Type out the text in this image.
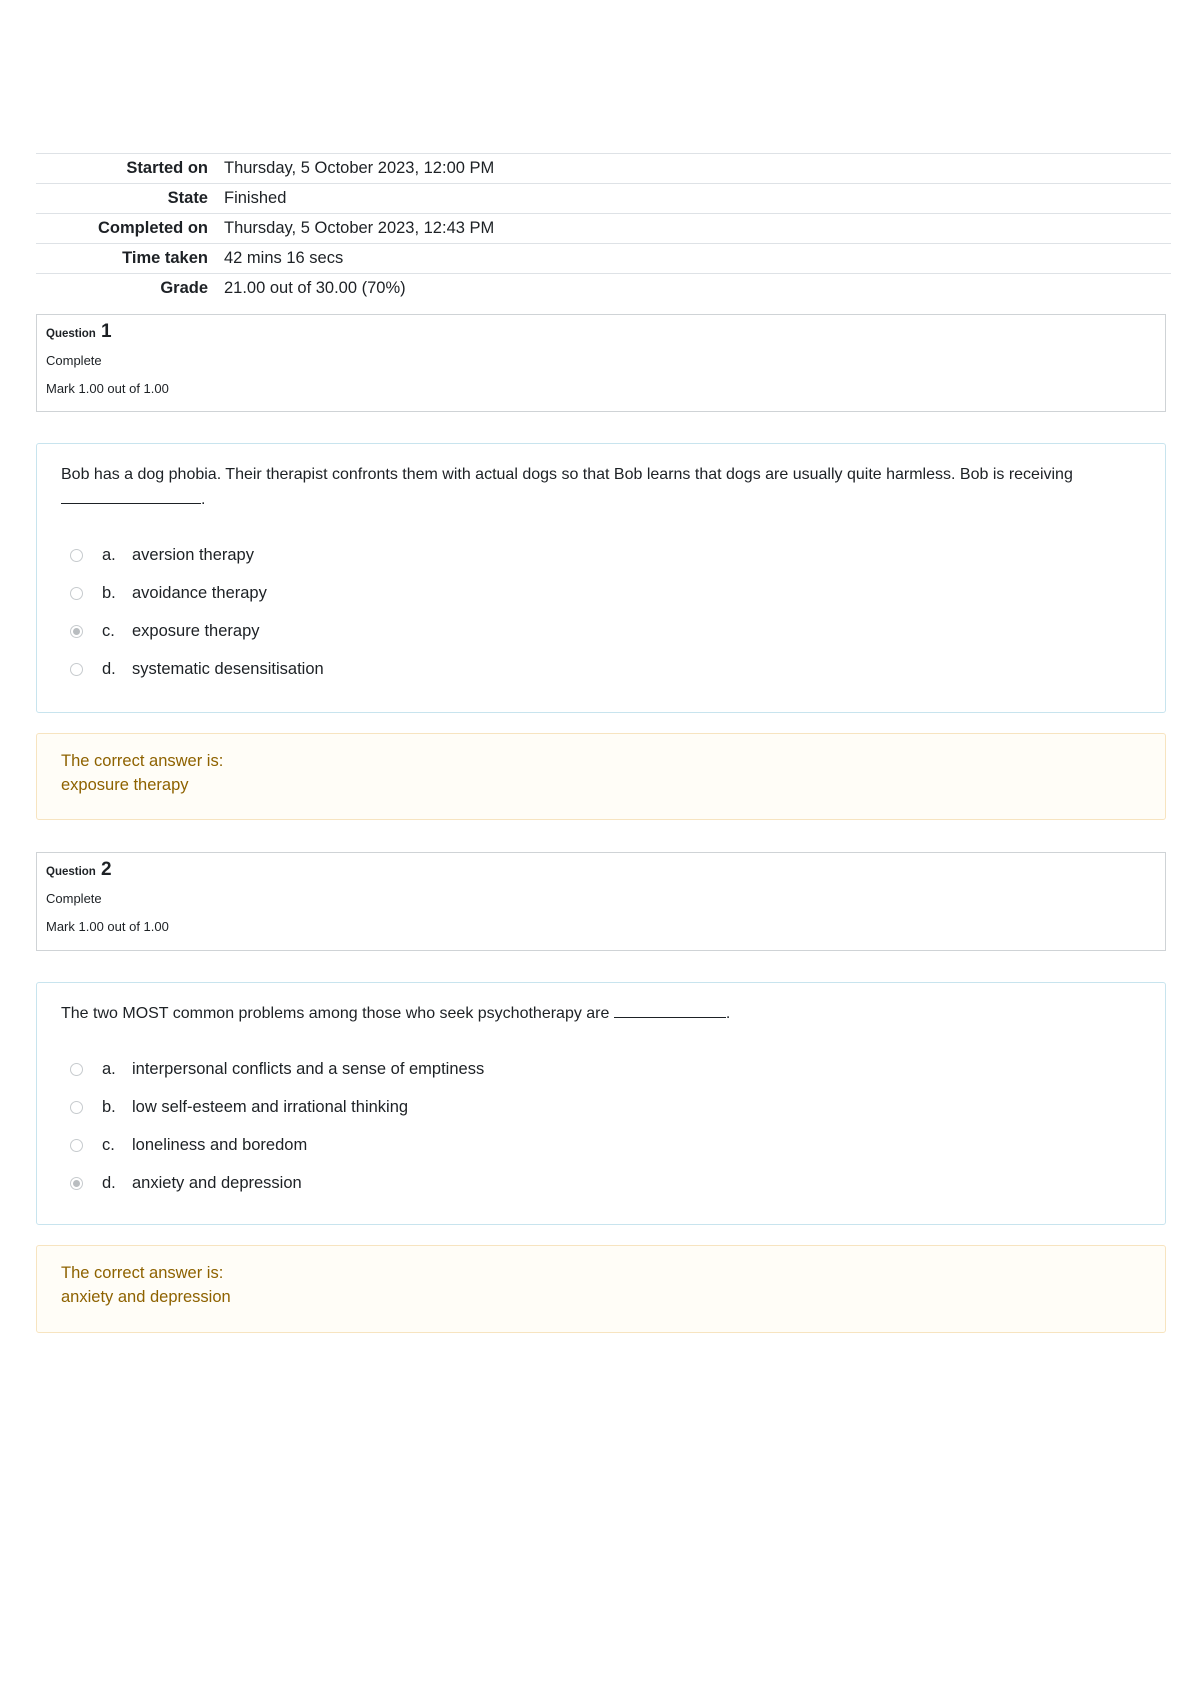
Started on	Thursday, 5 October 2023, 12:00 PM
State	Finished
Completed on	Thursday, 5 October 2023, 12:43 PM
Time taken	42 mins 16 secs
Grade	21.00 out of 30.00 (70%)
Question 1
Complete
Mark 1.00 out of 1.00
Bob has a dog phobia. Their therapist confronts them with actual dogs so that Bob learns that dogs are usually quite harmless. Bob is receiving .
a. aversion therapy
b. avoidance therapy
c.	exposure therapy
d. systematic desensitisation
The correct answer is:
exposure therapy
Question 2
Complete
Mark 1.00 out of 1.00
The two MOST common problems among those who seek psychotherapy are	.
a. interpersonal conflicts and a sense of emptiness
b. low self-esteem and irrational thinking
c.	loneliness and boredom
d. anxiety and depression
The correct answer is:
anxiety and depression
